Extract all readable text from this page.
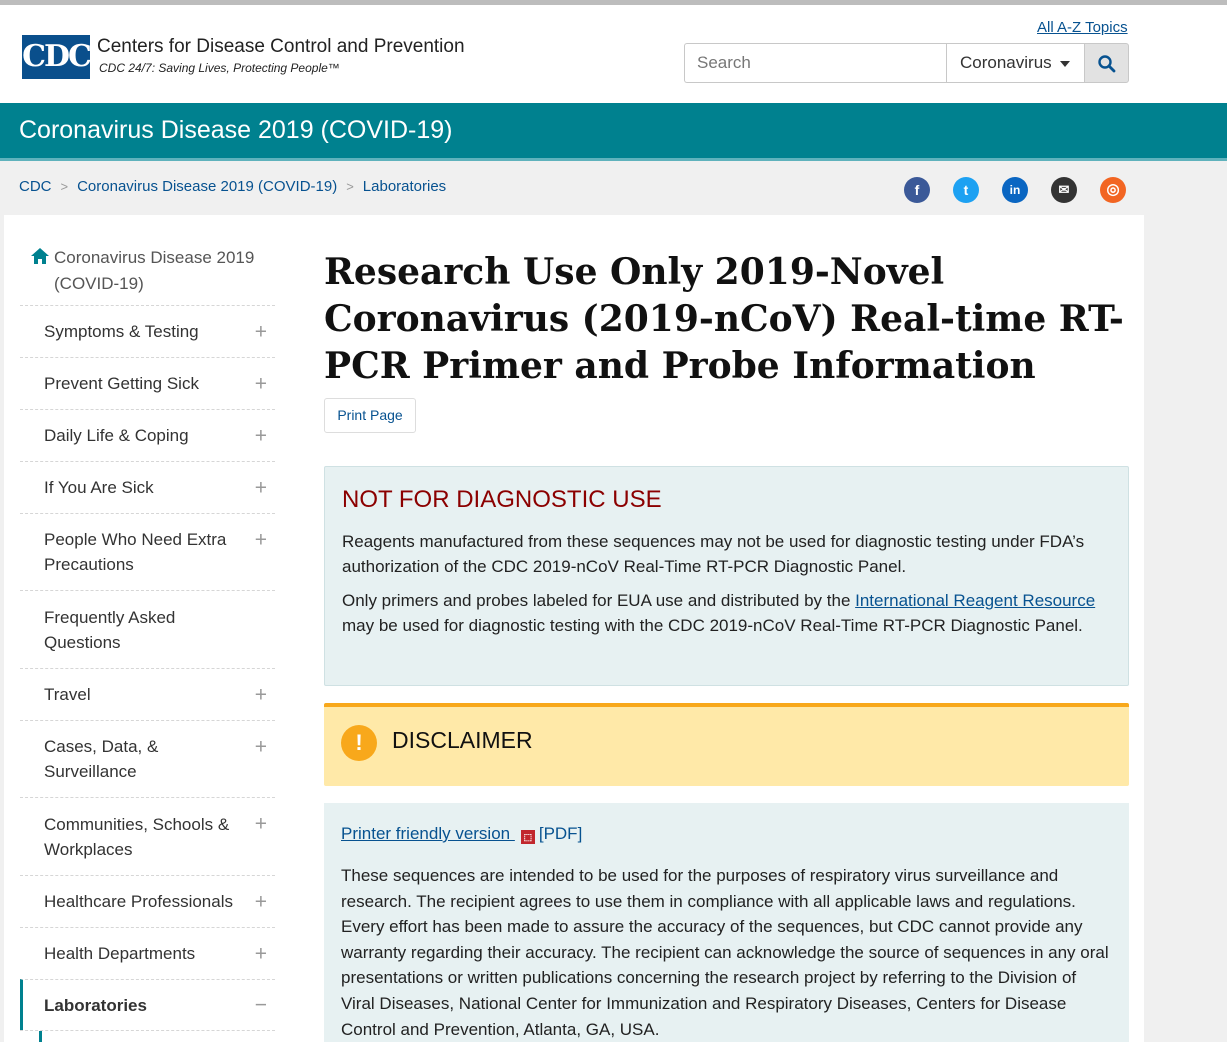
CDC Centers for Disease Control and Prevention
CDC 24/7: Saving Lives, Protecting People™
All A-Z Topics
Search	Coronavirus
Coronavirus Disease 2019 (COVID-19)
CDC > Coronavirus Disease 2019 (COVID-19) > Laboratories	f	t	in	✉	◎
Coronavirus Disease 2019 (COVID-19)
Symptoms & Testing	+
Prevent Getting Sick	+
Daily Life & Coping	+
If You Are Sick	+
People Who Need Extra Precautions
+
Frequently Asked Questions
Travel	+
Cases, Data, & Surveillance
+
Communities, Schools & Workplaces
+
Healthcare Professionals +
Health Departments	+
Laboratories	−
Research Use Only 2019-Novel Coronavirus (2019-nCoV) Real-time RT-PCR Primer and Probe Information
Print Page
NOT FOR DIAGNOSTIC USE

Reagents manufactured from these sequences may not be used for diagnostic testing under FDA’s authorization of the CDC 2019-nCoV Real-Time RT-PCR Diagnostic Panel.

Only primers and probes labeled for EUA use and distributed by the International Reagent Resource may be used for diagnostic testing with the CDC 2019-nCoV Real-Time RT-PCR Diagnostic Panel.

!	DISCLAIMER
Printer friendly version ⬚ [PDF]

These sequences are intended to be used for the purposes of respiratory virus surveillance and research. The recipient agrees to use them in compliance with all applicable laws and regulations. Every effort has been made to assure the accuracy of the sequences, but CDC cannot provide any warranty regarding their accuracy. The recipient can acknowledge the source of sequences in any oral presentations or written publications concerning the research project by referring to the Division of Viral Diseases, National Center for Immunization and Respiratory Diseases, Centers for Disease Control and Prevention, Atlanta, GA, USA.
